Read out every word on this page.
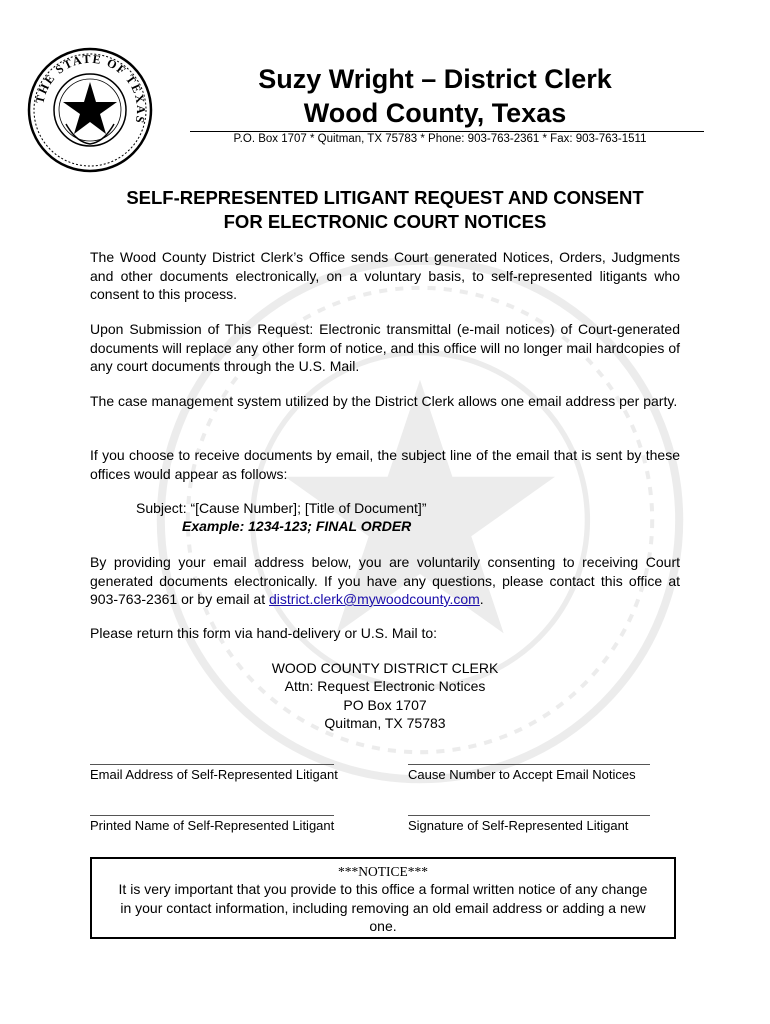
THE STATE OF TEXAS
Suzy Wright – District Clerk
Wood County, Texas
P.O. Box 1707 * Quitman, TX 75783 * Phone: 903-763-2361 * Fax: 903-763-1511
SELF-REPRESENTED LITIGANT REQUEST AND CONSENT
FOR ELECTRONIC COURT NOTICES
The Wood County District Clerk’s Office sends Court generated Notices, Orders, Judgments and other documents electronically, on a voluntary basis, to self-represented litigants who consent to this process.
Upon Submission of This Request: Electronic transmittal (e-mail notices) of Court-generated documents will replace any other form of notice, and this office will no longer mail hardcopies of any court documents through the U.S. Mail.
The case management system utilized by the District Clerk allows one email address per party.
If you choose to receive documents by email, the subject line of the email that is sent by these offices would appear as follows:
Subject: “[Cause Number]; [Title of Document]”
Example: 1234-123; FINAL ORDER
By providing your email address below, you are voluntarily consenting to receiving Court generated documents electronically. If you have any questions, please contact this office at 903-763-2361 or by email at district.clerk@mywoodcounty.com.
Please return this form via hand-delivery or U.S. Mail to:
WOOD COUNTY DISTRICT CLERK
Attn: Request Electronic Notices
PO Box 1707
Quitman, TX 75783
Email Address of Self-Represented Litigant	Cause Number to Accept Email Notices
Printed Name of Self-Represented Litigant	Signature of Self-Represented Litigant
***NOTICE***
It is very important that you provide to this office a formal written notice of any change in your contact information, including removing an old email address or adding a new one.
